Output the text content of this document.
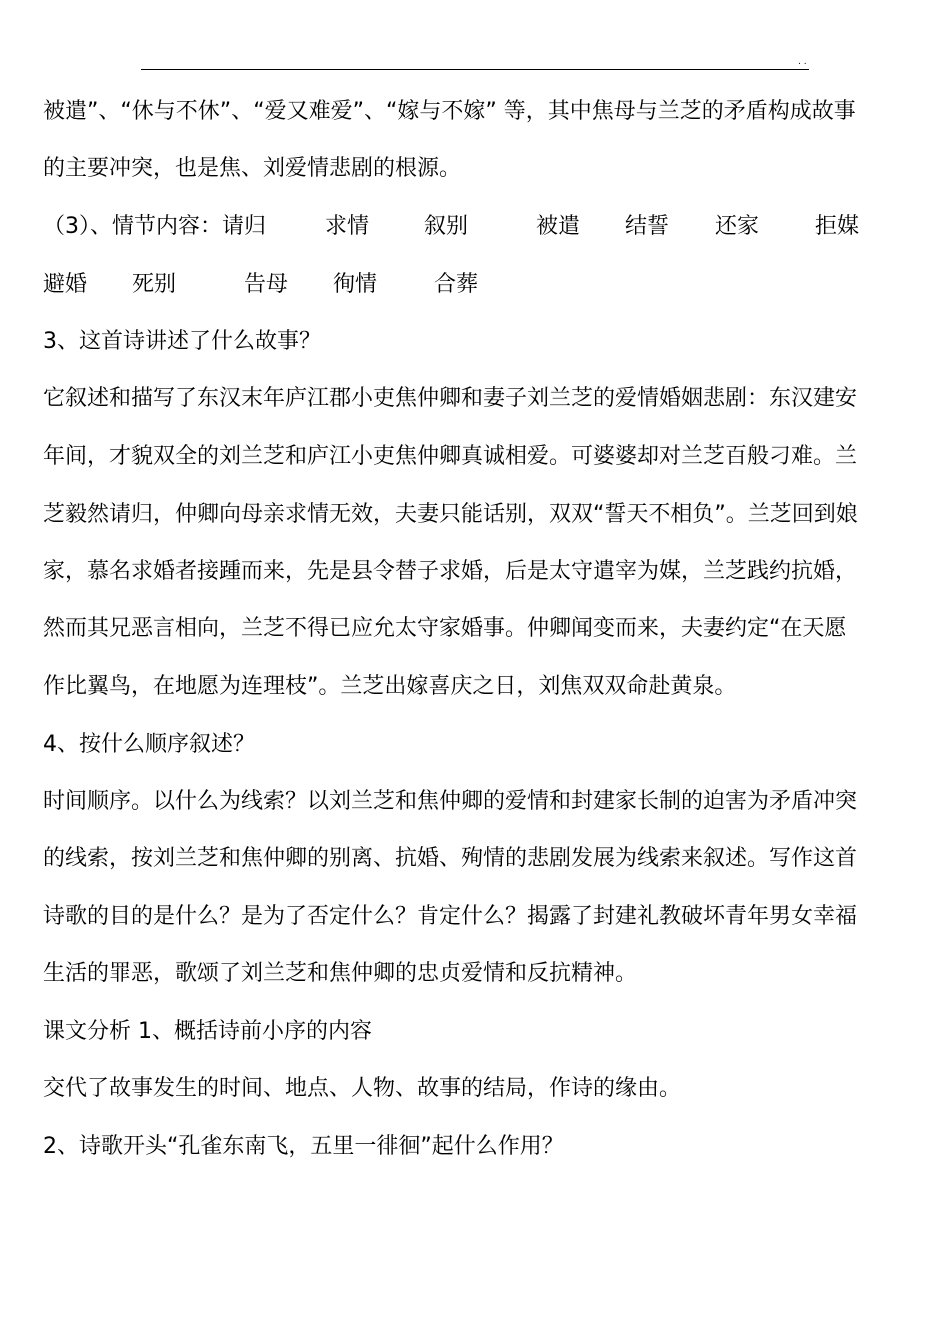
. .
被遣”、“休与不休”、“爱又难爱”、“嫁与不嫁” 等，其中焦母与兰芝的矛盾构成故事
的主要冲突，也是焦、刘爱情悲剧的根源。
（3）、情节内容：请归	求情 叙别	被遣 结誓 还家	拒媒
避婚 死别	告母 徇情	合葬
3、这首诗讲述了什么故事？
它叙述和描写了东汉末年庐江郡小吏焦仲卿和妻子刘兰芝的爱情婚姻悲剧：东汉建安
年间，才貌双全的刘兰芝和庐江小吏焦仲卿真诚相爱。可婆婆却对兰芝百般刁难。兰
芝毅然请归，仲卿向母亲求情无效，夫妻只能话别，双双“誓天不相负”。兰芝回到娘
家，慕名求婚者接踵而来，先是县令替子求婚，后是太守遣宰为媒，兰芝践约抗婚，
然而其兄恶言相向，兰芝不得已应允太守家婚事。仲卿闻变而来，夫妻约定“在天愿
作比翼鸟，在地愿为连理枝”。兰芝出嫁喜庆之日，刘焦双双命赴黄泉。
4、按什么顺序叙述？
时间顺序。以什么为线索？以刘兰芝和焦仲卿的爱情和封建家长制的迫害为矛盾冲突
的线索，按刘兰芝和焦仲卿的别离、抗婚、殉情的悲剧发展为线索来叙述。写作这首
诗歌的目的是什么？是为了否定什么？肯定什么？揭露了封建礼教破坏青年男女幸福
生活的罪恶，歌颂了刘兰芝和焦仲卿的忠贞爱情和反抗精神。
课文分析 1、概括诗前小序的内容
交代了故事发生的时间、地点、人物、故事的结局，作诗的缘由。
2、诗歌开头“孔雀东南飞，五里一徘徊”起什么作用？
